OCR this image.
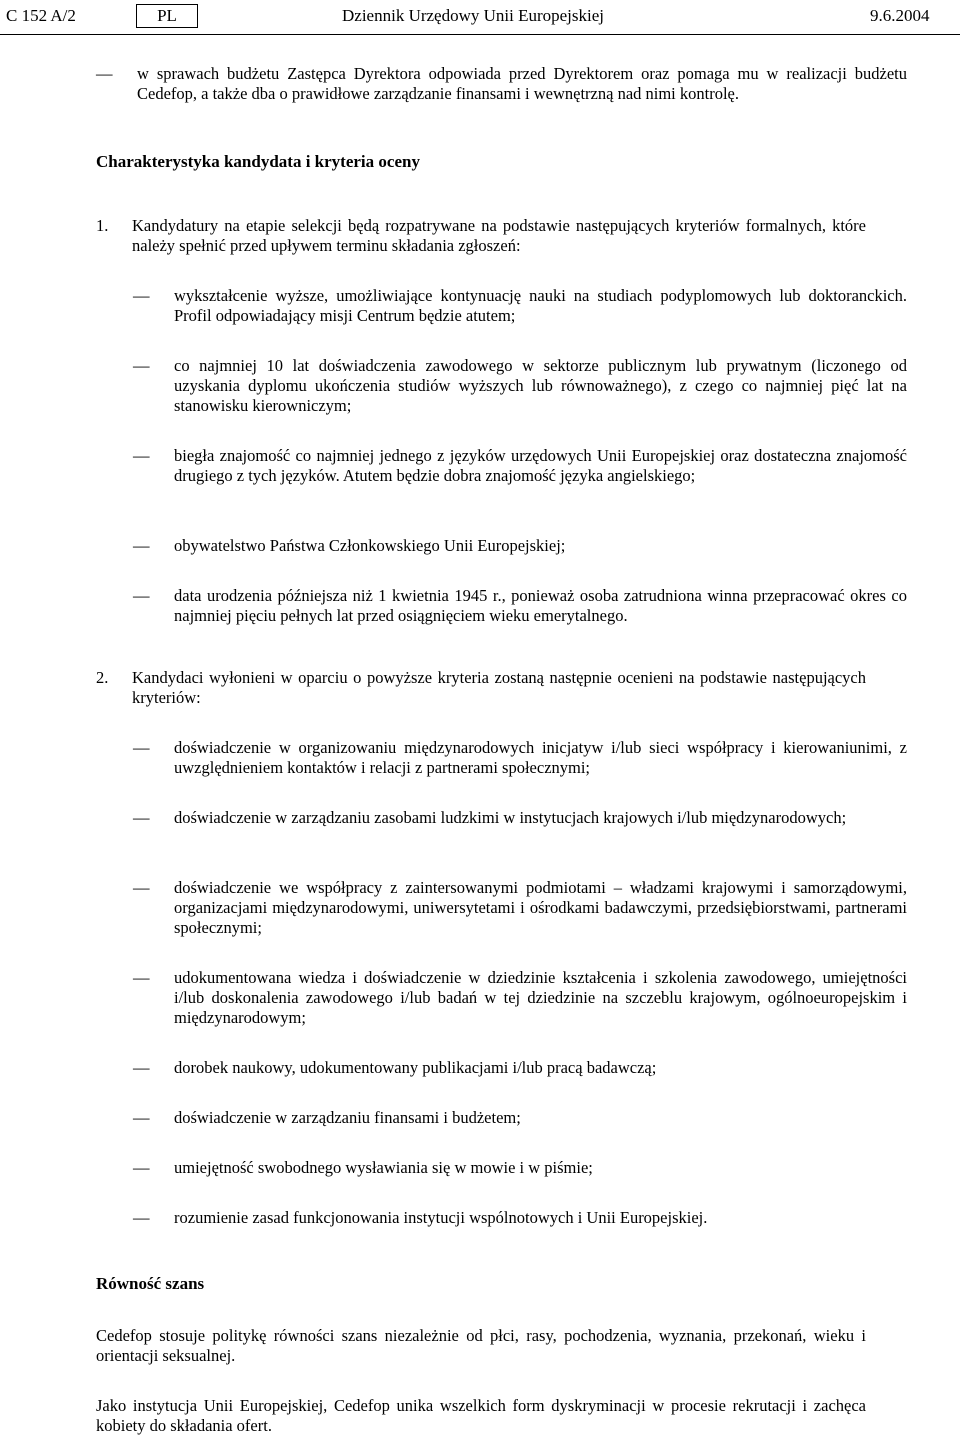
C 152 A/2	PL	Dziennik Urzędowy Unii Europejskiej	9.6.2004
—	w sprawach budżetu Zastępca Dyrektora odpowiada przed Dyrektorem oraz pomaga mu w realizacji budżetu Cedefop, a także dba o prawidłowe zarządzanie finansami i wewnętrzną nad nimi kontrolę.
Charakterystyka kandydata i kryteria oceny
1.	Kandydatury na etapie selekcji będą rozpatrywane na podstawie następujących kryteriów formalnych, które należy spełnić przed upływem terminu składania zgłoszeń:

—	wykształcenie wyższe, umożliwiające kontynuację nauki na studiach podyplomowych lub doktoranckich. Profil odpowiadający misji Centrum będzie atutem;
—	co najmniej 10 lat doświadczenia zawodowego w sektorze publicznym lub prywatnym (liczonego od uzyskania dyplomu ukończenia studiów wyższych lub równoważnego), z czego co najmniej pięć lat na stanowisku kierowniczym;
—	biegła znajomość co najmniej jednego z języków urzędowych Unii Europejskiej oraz dostateczna znajomość drugiego z tych języków. Atutem będzie dobra znajomość języka angielskiego;
—	obywatelstwo Państwa Członkowskiego Unii Europejskiej;
—	data urodzenia późniejsza niż 1 kwietnia 1945 r., ponieważ osoba zatrudniona winna przepracować okres co najmniej pięciu pełnych lat przed osiągnięciem wieku emerytalnego.
2.	Kandydaci wyłonieni w oparciu o powyższe kryteria zostaną następnie ocenieni na podstawie następujących kryteriów:

—	doświadczenie w organizowaniu międzynarodowych inicjatyw i/lub sieci współpracy i kierowaniunimi, z uwzględnieniem kontaktów i relacji z partnerami społecznymi;
—	doświadczenie w zarządzaniu zasobami ludzkimi w instytucjach krajowych i/lub międzynarodowych;
—	doświadczenie we współpracy z zaintersowanymi podmiotami – władzami krajowymi i samorządowymi, organizacjami międzynarodowymi, uniwersytetami i ośrodkami badawczymi, przedsiębiorstwami, partnerami społecznymi;
—	udokumentowana wiedza i doświadczenie w dziedzinie kształcenia i szkolenia zawodowego, umiejętności i/lub doskonalenia zawodowego i/lub badań w tej dziedzinie na szczeblu krajowym, ogólnoeuropejskim i międzynarodowym;
—	dorobek naukowy, udokumentowany publikacjami i/lub pracą badawczą;
—	doświadczenie w zarządzaniu finansami i budżetem;
—	umiejętność swobodnego wysławiania się w mowie i w piśmie;
—	rozumienie zasad funkcjonowania instytucji wspólnotowych i Unii Europejskiej.
Równość szans

Cedefop stosuje politykę równości szans niezależnie od płci, rasy, pochodzenia, wyznania, przekonań, wieku i orientacji seksualnej.

Jako instytucja Unii Europejskiej, Cedefop unika wszelkich form dyskryminacji w procesie rekrutacji i zachęca kobiety do składania ofert.
